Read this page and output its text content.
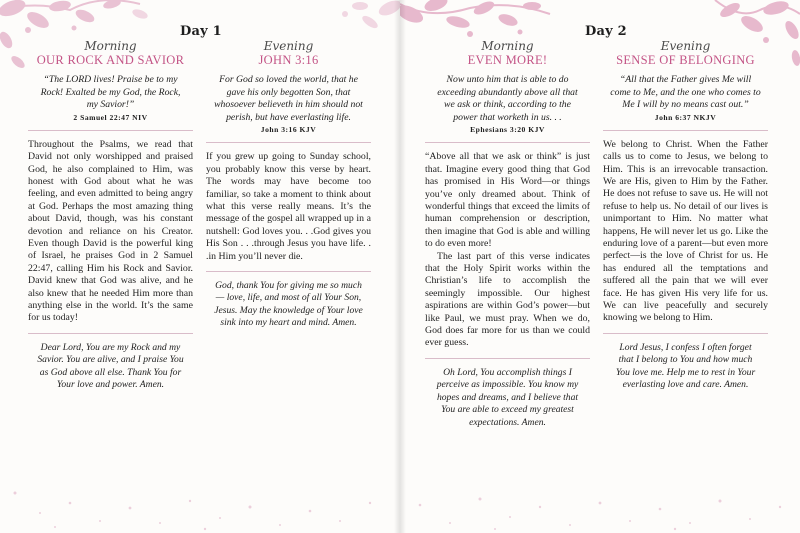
Day 1
Morning
OUR ROCK AND SAVIOR
“The LORD lives! Praise be to my Rock! Exalted be my God, the Rock, my Savior!”
2 Samuel 22:47 NIV

Throughout the Psalms, we read that David not only worshipped and praised God, he also complained to Him, was honest with God about what he was feeling, and even admitted to being angry at God. Perhaps the most amazing thing about David, though, was his constant devotion and reliance on his Creator. Even though David is the powerful king of Israel, he praises God in 2 Samuel 22:47, calling Him his Rock and Savior. David knew that God was alive, and he also knew that he needed Him more than anything else in the world. It’s the same for us today!

Dear Lord, You are my Rock and my Savior. You are alive, and I praise You as God above all else. Thank You for Your love and power. Amen.
Evening
JOHN 3:16
For God so loved the world, that he gave his only begotten Son, that whosoever believeth in him should not perish, but have everlasting life.
John 3:16 KJV

If you grew up going to Sunday school, you probably know this verse by heart. The words may have become too familiar, so take a moment to think about what this verse really means. It’s the message of the gospel all wrapped up in a nutshell: God loves you. . .God gives you His Son . . .through Jesus you have life. . .in Him you’ll never die.

God, thank You for giving me so much— love, life, and most of all Your Son, Jesus. May the knowledge of Your love sink into my heart and mind. Amen.
Day 2
Morning
EVEN MORE!
Now unto him that is able to do exceeding abundantly above all that we ask or think, according to the power that worketh in us. . .
Ephesians 3:20 KJV

“Above all that we ask or think” is just that. Imagine every good thing that God has promised in His Word—or things you’ve only dreamed about. Think of wonderful things that exceed the limits of human comprehension or description, then imagine that God is able and willing to do even more!

The last part of this verse indicates that the Holy Spirit works within the Christian’s life to accomplish the seemingly impossible. Our highest aspirations are within God’s power—but like Paul, we must pray. When we do, God does far more for us than we could ever guess.

Oh Lord, You accomplish things I perceive as impossible. You know my hopes and dreams, and I believe that You are able to exceed my greatest expectations. Amen.
Evening
SENSE OF BELONGING
“All that the Father gives Me will come to Me, and the one who comes to Me I will by no means cast out.”
John 6:37 NKJV

We belong to Christ. When the Father calls us to come to Jesus, we belong to Him. This is an irrevocable transaction. We are His, given to Him by the Father. He does not refuse to save us. He will not refuse to help us. No detail of our lives is unimportant to Him. No matter what happens, He will never let us go. Like the enduring love of a parent—but even more perfect—is the love of Christ for us. He has endured all the temptations and suffered all the pain that we will ever face. He has given His very life for us. We can live peacefully and securely knowing we belong to Him.

Lord Jesus, I confess I often forget that I belong to You and how much You love me. Help me to rest in Your everlasting love and care. Amen.
